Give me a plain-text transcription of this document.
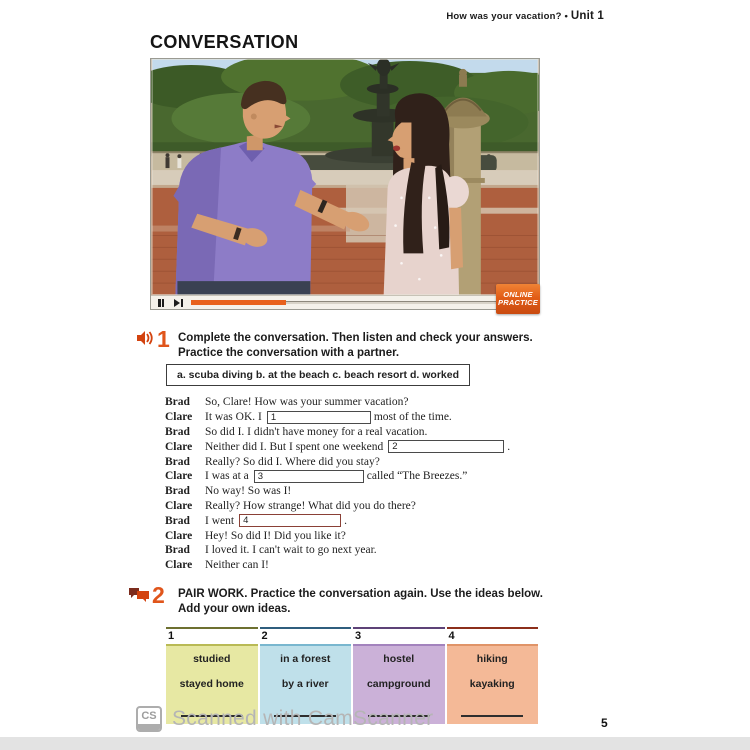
How was your vacation? • Unit 1
CONVERSATION
ONLINE
PRACTICE
1 Complete the conversation. Then listen and check your answers.
Practice the conversation with a partner.
a. scuba diving b. at the beach c. beach resort d. worked
Brad	So, Clare! How was your summer vacation?
Clare	It was OK. I 1	most of the time.
Brad	So did I. I didn't have money for a real vacation.
Clare	Neither did I. But I spent one weekend 2	.
Brad	Really? So did I. Where did you stay?
Clare	I was at a 3	called “The Breezes.”
Brad	No way! So was I!
Clare	Really? How strange! What did you do there?
Brad	I went 4	.
Clare	Hey! So did I! Did you like it?
Brad	I loved it. I can't wait to go next year.
Clare	Neither can I!
2 PAIR WORK. Practice the conversation again. Use the ideas below.
Add your own ideas.
1
studied
stayed home
2
in a forest
by a river
3
hostel
campground
4
hiking
kayaking
CS Scanned with CamScanner	5
